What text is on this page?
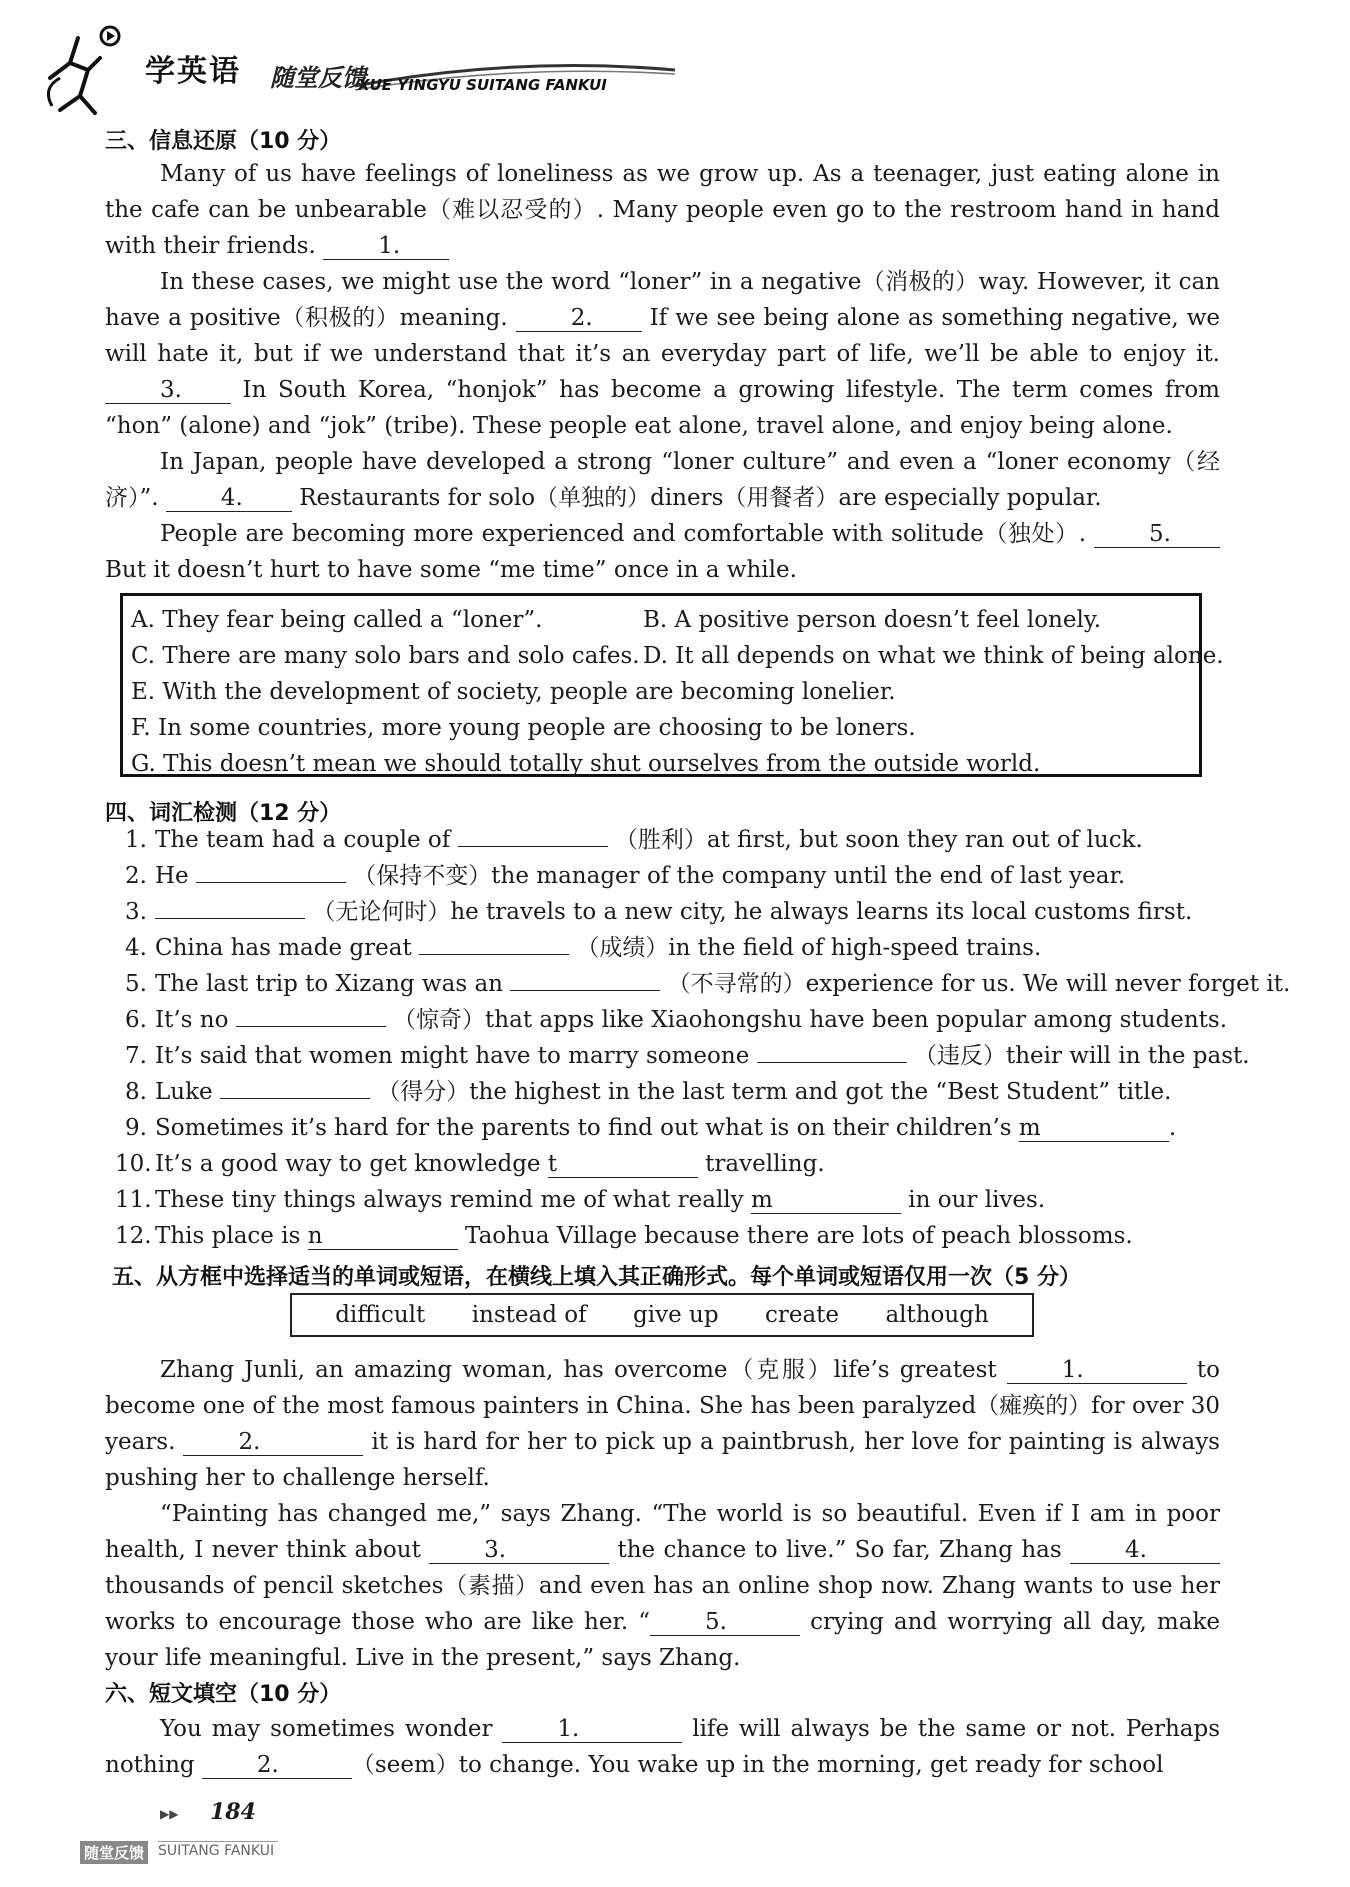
学英语 随堂反馈
XUE YINGYU SUITANG FANKUI
三、信息还原（10 分）

Many of us have feelings of loneliness as we grow up. As a teenager, just eating alone in the cafe can be unbearable（难以忍受的）. Many people even go to the restroom hand in hand with their friends. 1.

In these cases, we might use the word “loner” in a negative（消极的）way. However, it can have a positive（积极的）meaning. 2. If we see being alone as something negative, we will hate it, but if we understand that it’s an everyday part of life, we’ll be able to enjoy it. 3. In South Korea, “honjok” has become a growing lifestyle. The term comes from “hon” (alone) and “jok” (tribe). These people eat alone, travel alone, and enjoy being alone.

In Japan, people have developed a strong “loner culture” and even a “loner economy（经济）”. 4. Restaurants for solo（单独的）diners（用餐者）are especially popular.

People are becoming more experienced and comfortable with solitude（独处）. 5. But it doesn’t hurt to have some “me time” once in a while.

A. They fear being called a “loner”.	B. A positive person doesn’t feel lonely.
C. There are many solo bars and solo cafes. D. It all depends on what we think of being alone.
E. With the development of society, people are becoming lonelier.
F. In some countries, more young people are choosing to be loners.
G. This doesn’t mean we should totally shut ourselves from the outside world.
四、词汇检测（12 分）
1. The team had a couple of	（胜利）at first, but soon they ran out of luck.
2. He	（保持不变）the manager of the company until the end of last year.
3.	（无论何时）he travels to a new city, he always learns its local customs first.
4. China has made great	（成绩）in the field of high-speed trains.
5. The last trip to Xizang was an	（不寻常的）experience for us. We will never forget it.
6. It’s no	（惊奇）that apps like Xiaohongshu have been popular among students.
7. It’s said that women might have to marry someone	（违反）their will in the past.
8. Luke	（得分）the highest in the last term and got the “Best Student” title.
9. Sometimes it’s hard for the parents to find out what is on their children’s m	.
10. It’s a good way to get knowledge t	travelling.
11. These tiny things always remind me of what really m	in our lives.
12. This place is n	Taohua Village because there are lots of peach blossoms.
五、从方框中选择适当的单词或短语，在横线上填入其正确形式。每个单词或短语仅用一次（5 分）
difficult instead of give up create although

Zhang Junli, an amazing woman, has overcome（克服）life’s greatest 1.	to become one of the most famous painters in China. She has been paralyzed（瘫痪的）for over 30 years. 2.	it is hard for her to pick up a paintbrush, her love for painting is always pushing her to challenge herself.

“Painting has changed me,” says Zhang. “The world is so beautiful. Even if I am in poor health, I never think about 3.	the chance to live.” So far, Zhang has 4. thousands of pencil sketches（素描）and even has an online shop now. Zhang wants to use her works to encourage those who are like her. “ 5.	crying and worrying all day, make your life meaningful. Live in the present,” says Zhang.

六、短文填空（10 分）

You may sometimes wonder 1.	life will always be the same or not. Perhaps nothing 2.	（seem）to change. You wake up in the morning, get ready for school

▶▶ 184
随堂反馈 SUITANG FANKUI
